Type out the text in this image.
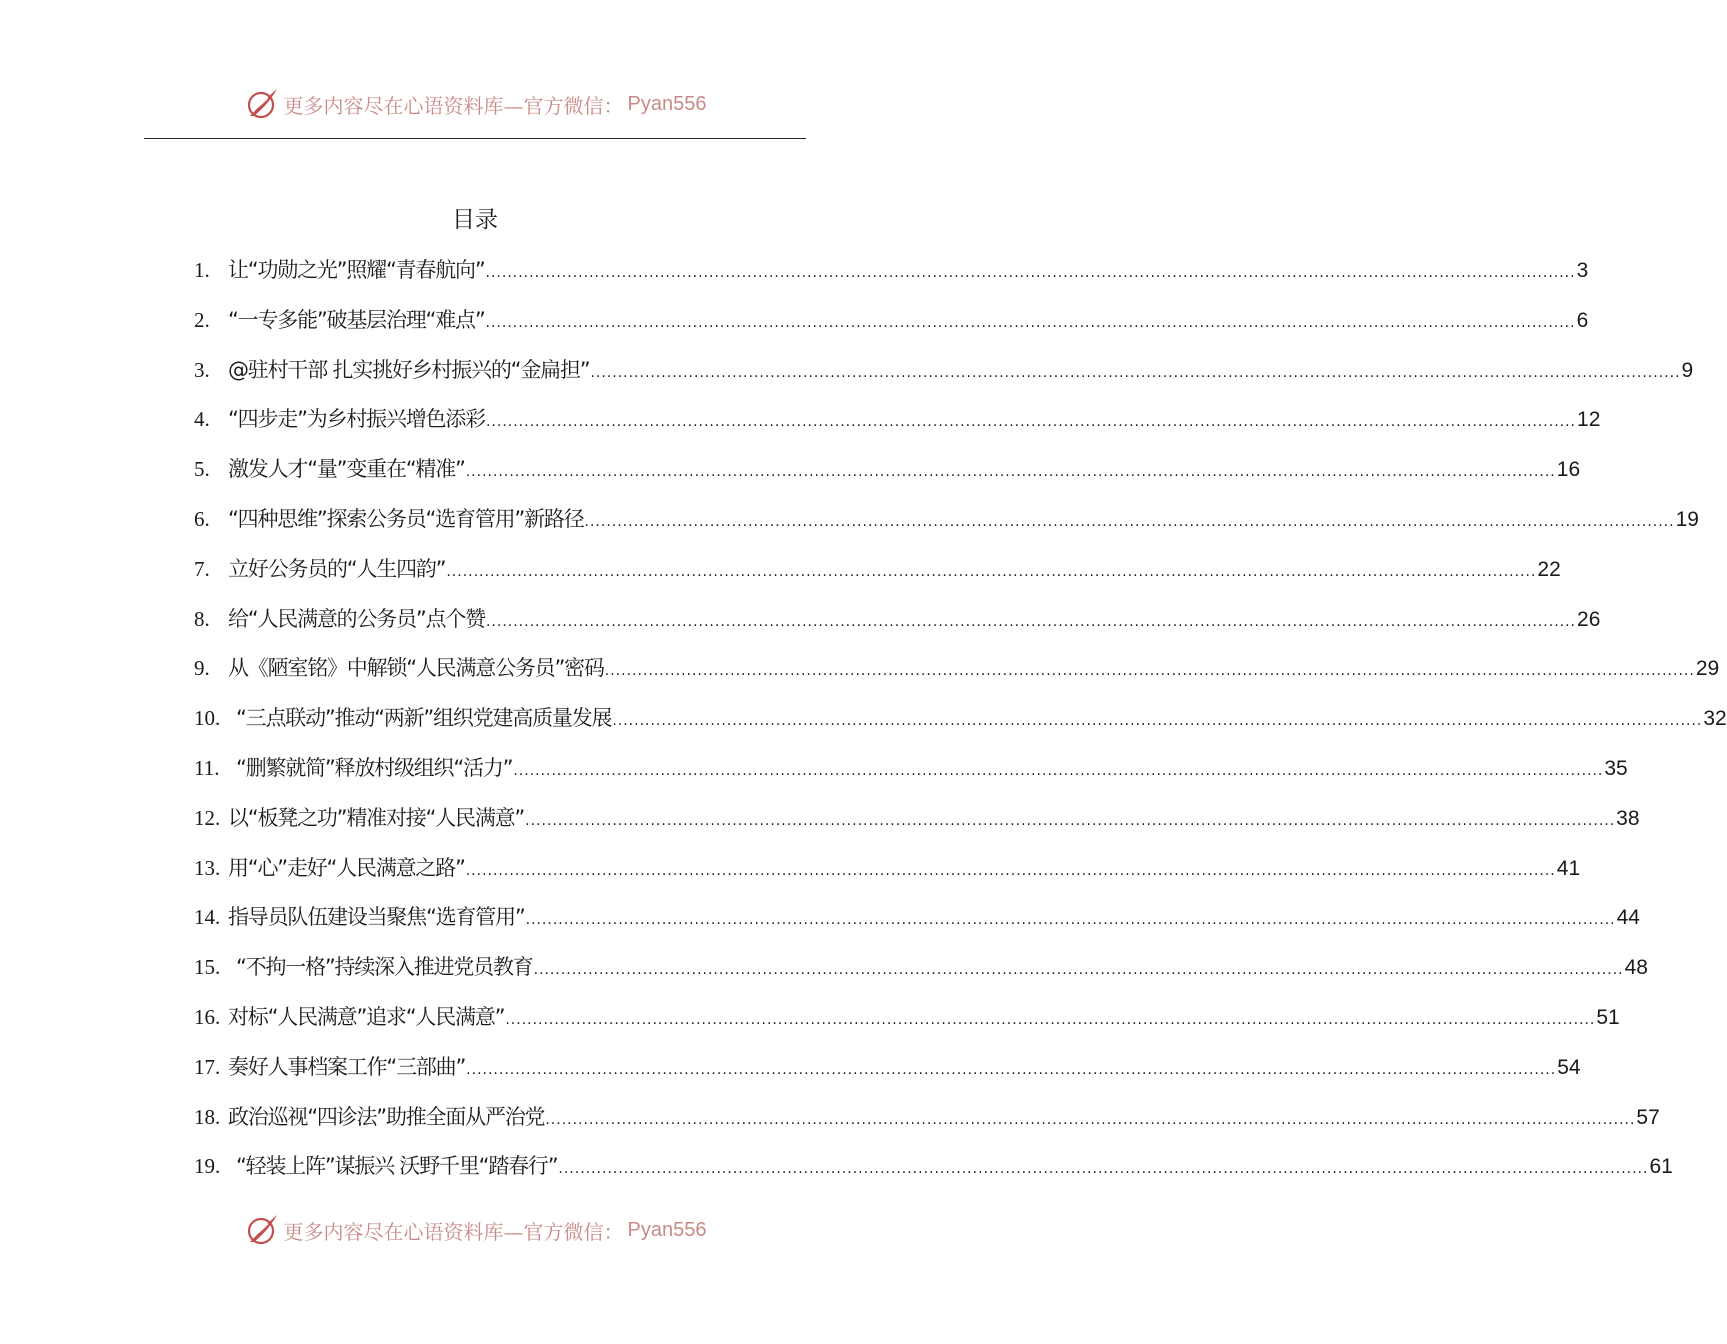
更多内容尽在心语资料库—官方微信： Pyan556
目录
1. 让“功勋之光”照耀“青春航向” ........................................................................................................................................................................................................ 3
2. “一专多能”破基层治理“难点” ........................................................................................................................................................................................................ 6
3. @驻村干部 扎实挑好乡村振兴的“金扁担” ........................................................................................................................................................................................................ 9
4. “四步走”为乡村振兴增色添彩 ........................................................................................................................................................................................................ 12
5. 激发人才“量”变重在“精准” ........................................................................................................................................................................................................ 16
6. “四种思维”探索公务员“选育管用”新路径 ........................................................................................................................................................................................................ 19
7. 立好公务员的“人生四韵” ........................................................................................................................................................................................................ 22
8. 给“人民满意的公务员”点个赞 ........................................................................................................................................................................................................ 26
9. 从《陋室铭》中解锁“人民满意公务员”密码 ........................................................................................................................................................................................................ 29
10. “三点联动”推动“两新”组织党建高质量发展 ........................................................................................................................................................................................................ 32
11. “删繁就简”释放村级组织“活力” ........................................................................................................................................................................................................ 35
12. 以“板凳之功”精准对接“人民满意” ........................................................................................................................................................................................................ 38
13. 用“心”走好“人民满意之路” ........................................................................................................................................................................................................ 41
14. 指导员队伍建设当聚焦“选育管用” ........................................................................................................................................................................................................ 44
15. “不拘一格”持续深入推进党员教育 ........................................................................................................................................................................................................ 48
16. 对标“人民满意”追求“人民满意” ........................................................................................................................................................................................................ 51
17. 奏好人事档案工作“三部曲” ........................................................................................................................................................................................................ 54
18. 政治巡视“四诊法”助推全面从严治党 ........................................................................................................................................................................................................ 57
19. “轻装上阵”谋振兴 沃野千里“踏春行” ........................................................................................................................................................................................................ 61
更多内容尽在心语资料库—官方微信： Pyan556
